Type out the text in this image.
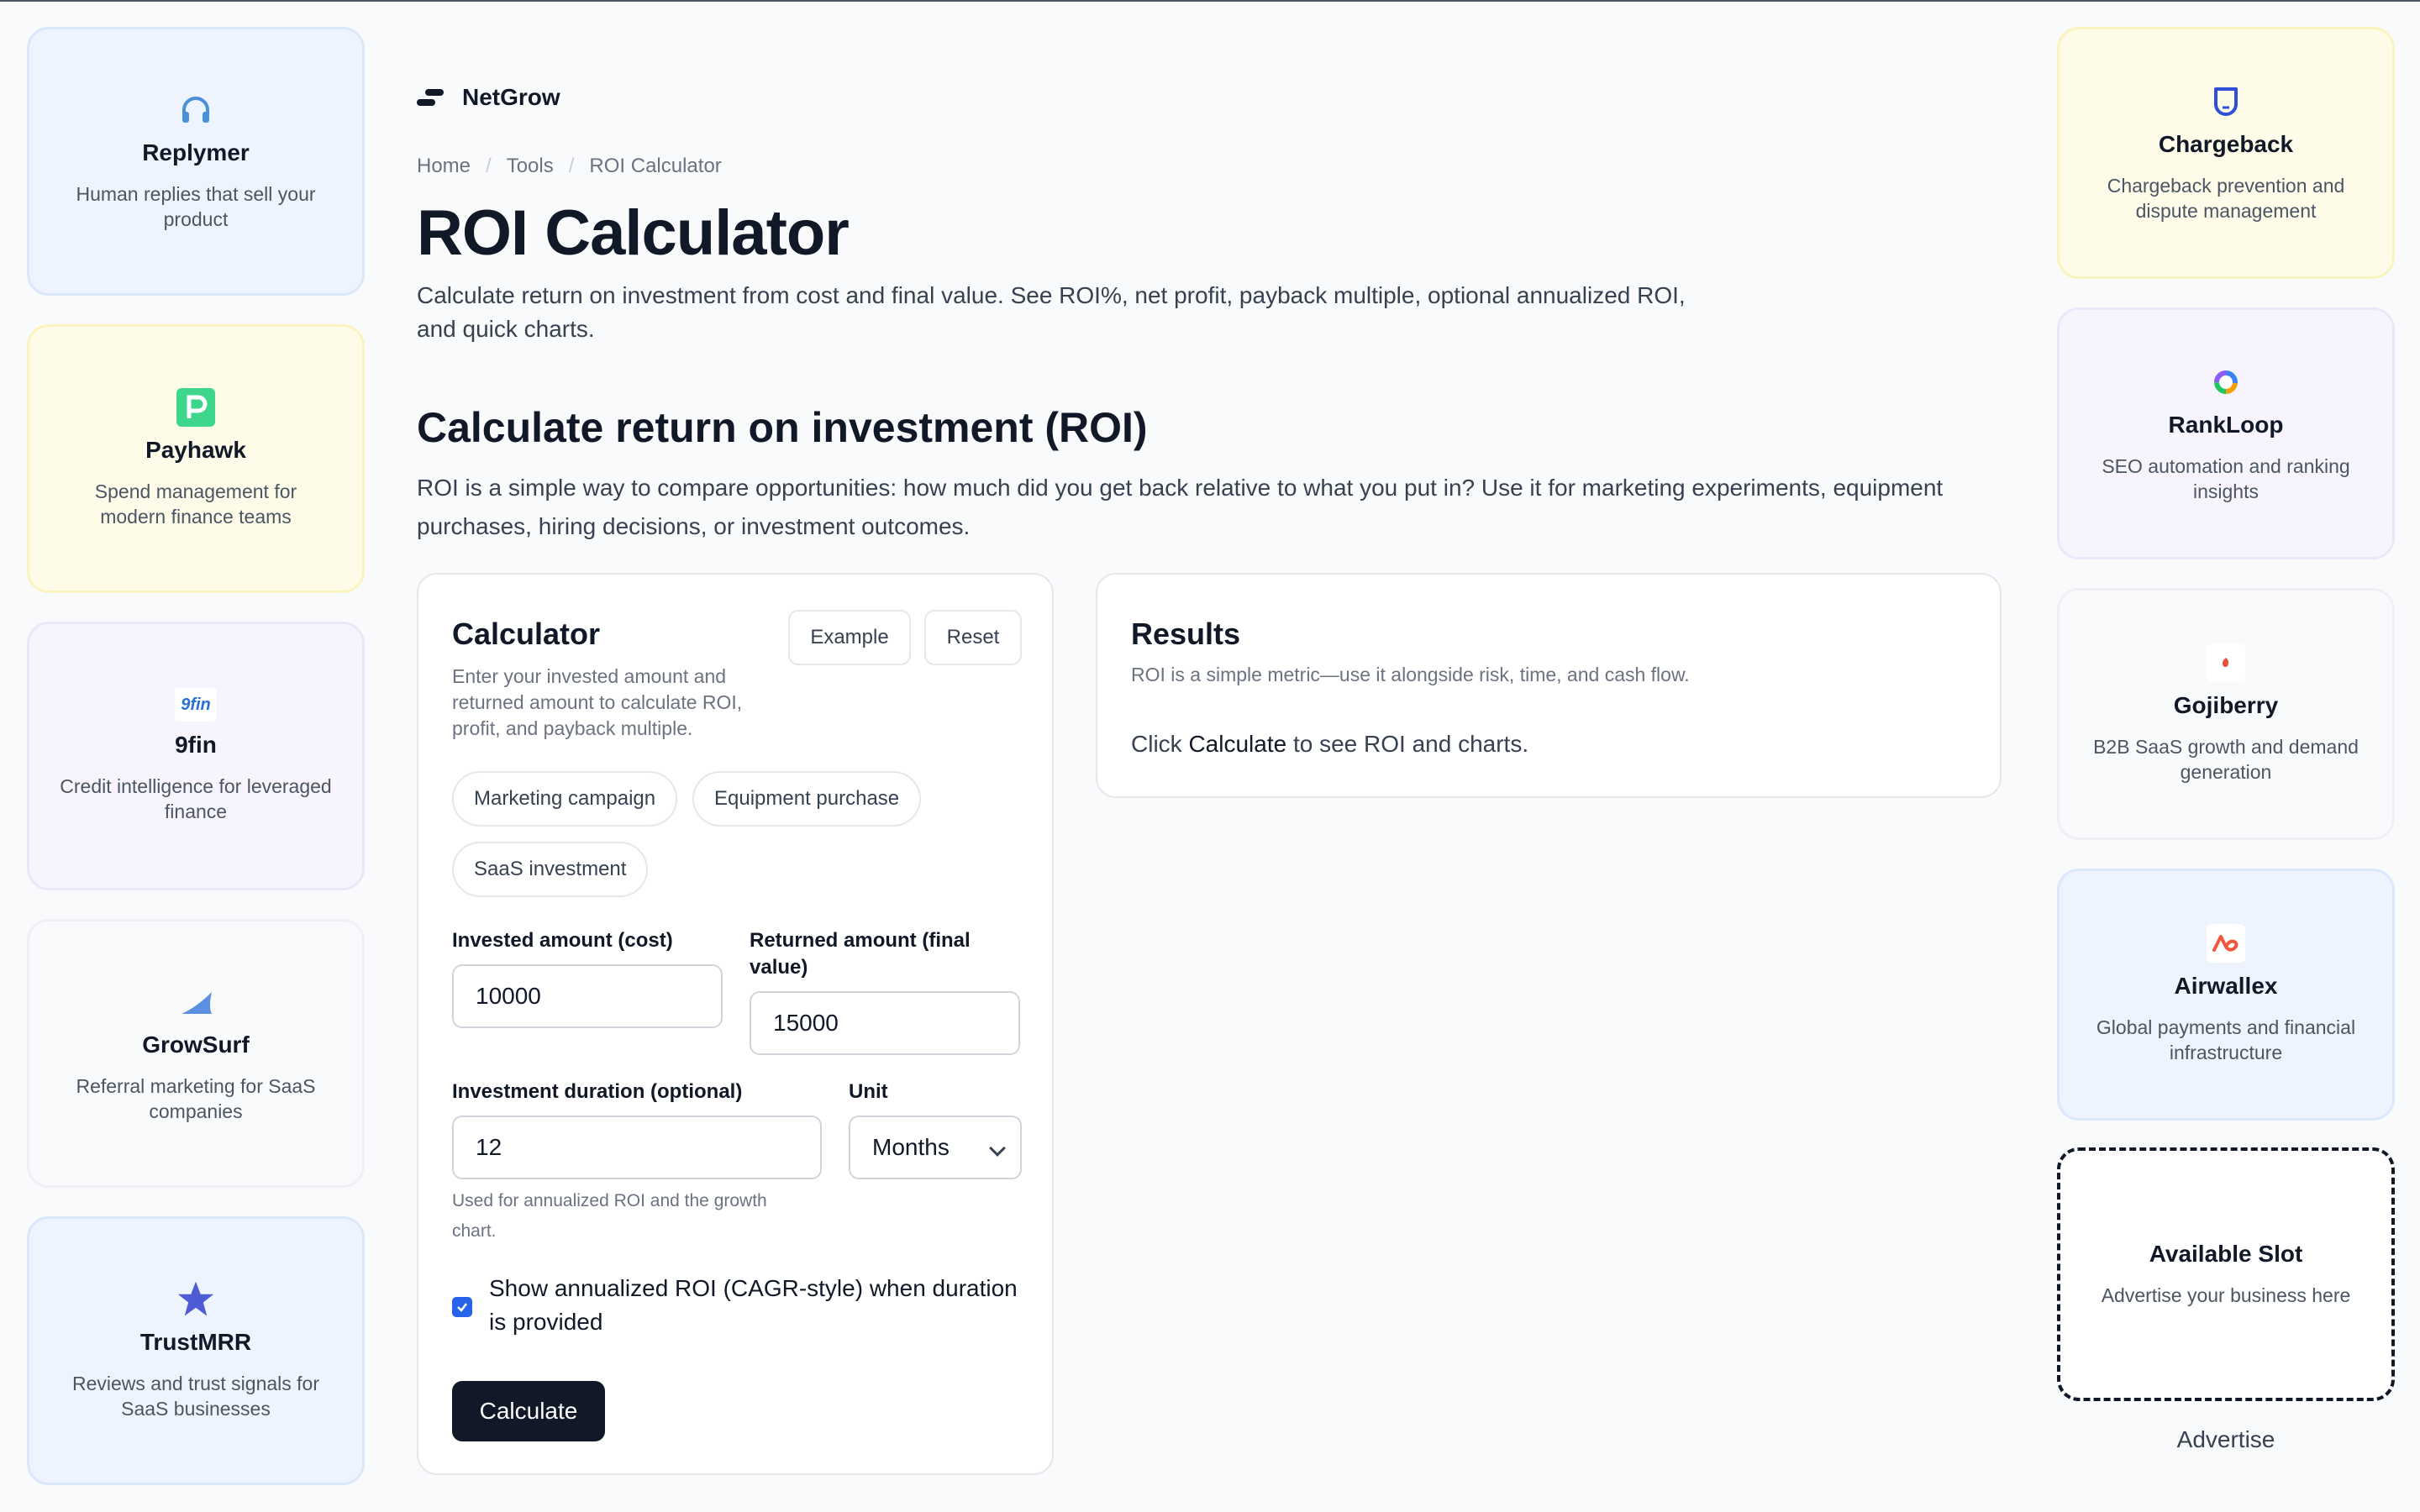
Replymer
Human replies that sell your product
Payhawk
Spend management for modern finance teams
9fin
9fin
Credit intelligence for leveraged finance
GrowSurf
Referral marketing for SaaS companies
TrustMRR
Reviews and trust signals for SaaS businesses
Chargeback
Chargeback prevention and dispute management
RankLoop
SEO automation and ranking insights
Gojiberry
B2B SaaS growth and demand generation
Airwallex
Global payments and financial infrastructure
Available Slot
Advertise your business here
Advertise
NetGrow
Home / Tools / ROI Calculator
ROI Calculator

Calculate return on investment from cost and final value. See ROI%, net profit, payback multiple, optional annualized ROI, and quick charts.

Calculate return on investment (ROI)

ROI is a simple way to compare opportunities: how much did you get back relative to what you put in? Use it for marketing experiments, equipment purchases, hiring decisions, or investment outcomes.

Calculator
Enter your invested amount and returned amount to calculate ROI, profit, and payback multiple.
Example	Reset
Marketing campaign	Equipment purchase
SaaS investment
Invested amount (cost)
10000
Returned amount (final value)
15000
Investment duration (optional)
12
Unit
Months
Used for annualized ROI and the growth chart.
Show annualized ROI (CAGR-style) when duration is provided
Calculate
Results
ROI is a simple metric—use it alongside risk, time, and cash flow.
Click Calculate to see ROI and charts.
